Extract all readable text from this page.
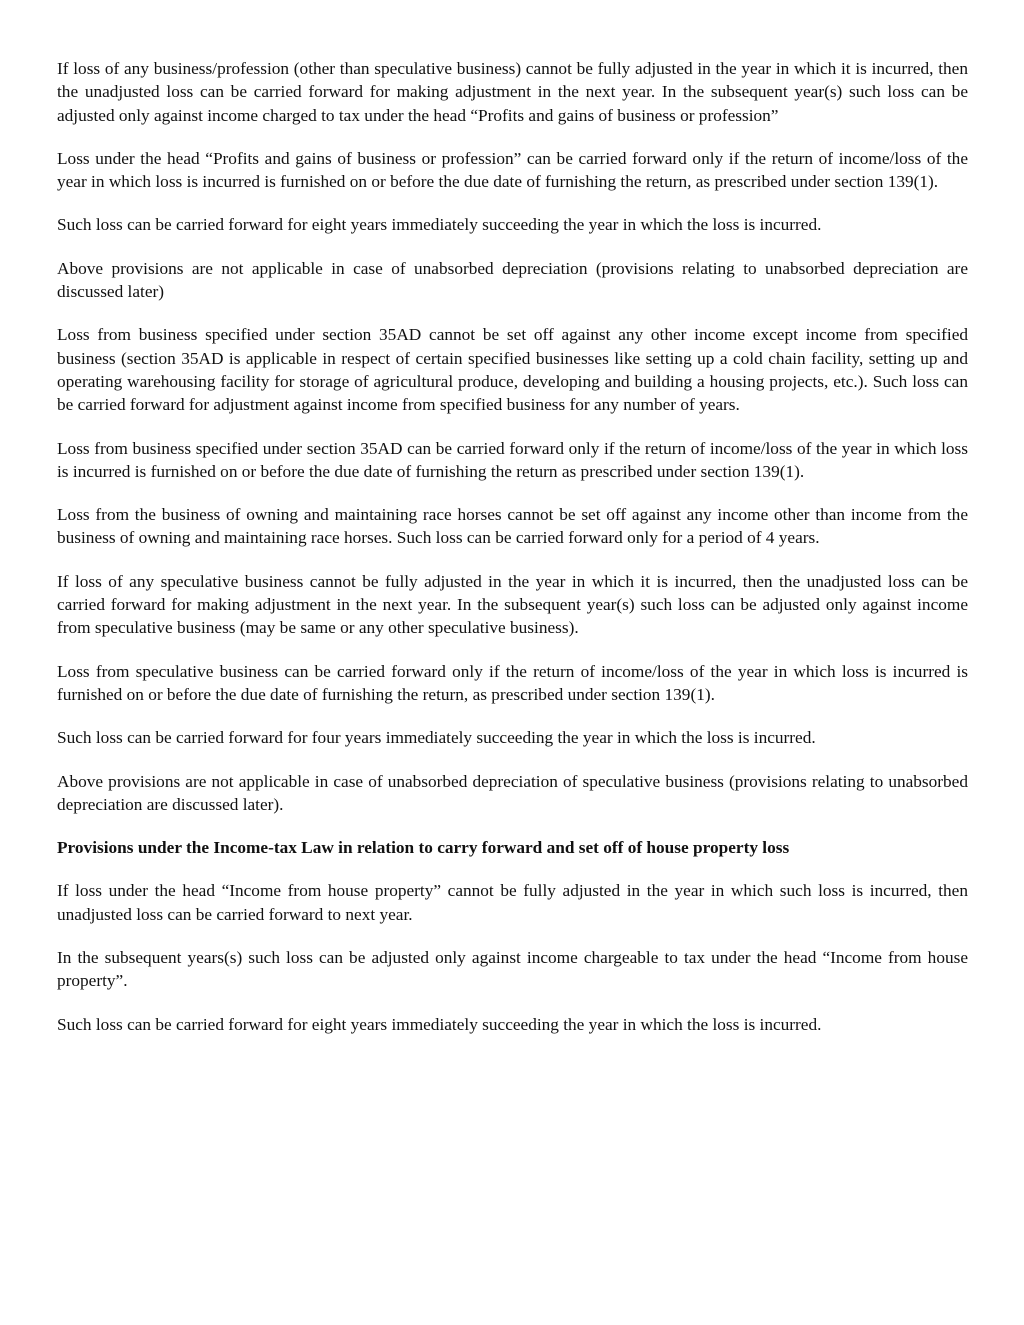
If loss of any business/profession (other than speculative business) cannot be fully adjusted in the year in which it is incurred, then the unadjusted loss can be carried forward for making adjustment in the next year. In the subsequent year(s) such loss can be adjusted only against income charged to tax under the head “Profits and gains of business or profession”

Loss under the head “Profits and gains of business or profession” can be carried forward only if the return of income/loss of the year in which loss is incurred is furnished on or before the due date of furnishing the return, as prescribed under section 139(1).

Such loss can be carried forward for eight years immediately succeeding the year in which the loss is incurred.

Above provisions are not applicable in case of unabsorbed depreciation (provisions relating to unabsorbed depreciation are discussed later)

Loss from business specified under section 35AD cannot be set off against any other income except income from specified business (section 35AD is applicable in respect of certain specified businesses like setting up a cold chain facility, setting up and operating warehousing facility for storage of agricultural produce, developing and building a housing projects, etc.). Such loss can be carried forward for adjustment against income from specified business for any number of years.

Loss from business specified under section 35AD can be carried forward only if the return of income/loss of the year in which loss is incurred is furnished on or before the due date of furnishing the return as prescribed under section 139(1).

Loss from the business of owning and maintaining race horses cannot be set off against any income other than income from the business of owning and maintaining race horses. Such loss can be carried forward only for a period of 4 years.

If loss of any speculative business cannot be fully adjusted in the year in which it is incurred, then the unadjusted loss can be carried forward for making adjustment in the next year. In the subsequent year(s) such loss can be adjusted only against income from speculative business (may be same or any other speculative business).

Loss from speculative business can be carried forward only if the return of income/loss of the year in which loss is incurred is furnished on or before the due date of furnishing the return, as prescribed under section 139(1).

Such loss can be carried forward for four years immediately succeeding the year in which the loss is incurred.

Above provisions are not applicable in case of unabsorbed depreciation of speculative business (provisions relating to unabsorbed depreciation are discussed later).

Provisions under the Income-tax Law in relation to carry forward and set off of house property loss

If loss under the head “Income from house property” cannot be fully adjusted in the year in which such loss is incurred, then unadjusted loss can be carried forward to next year.

In the subsequent years(s) such loss can be adjusted only against income chargeable to tax under the head “Income from house property”.

Such loss can be carried forward for eight years immediately succeeding the year in which the loss is incurred.
